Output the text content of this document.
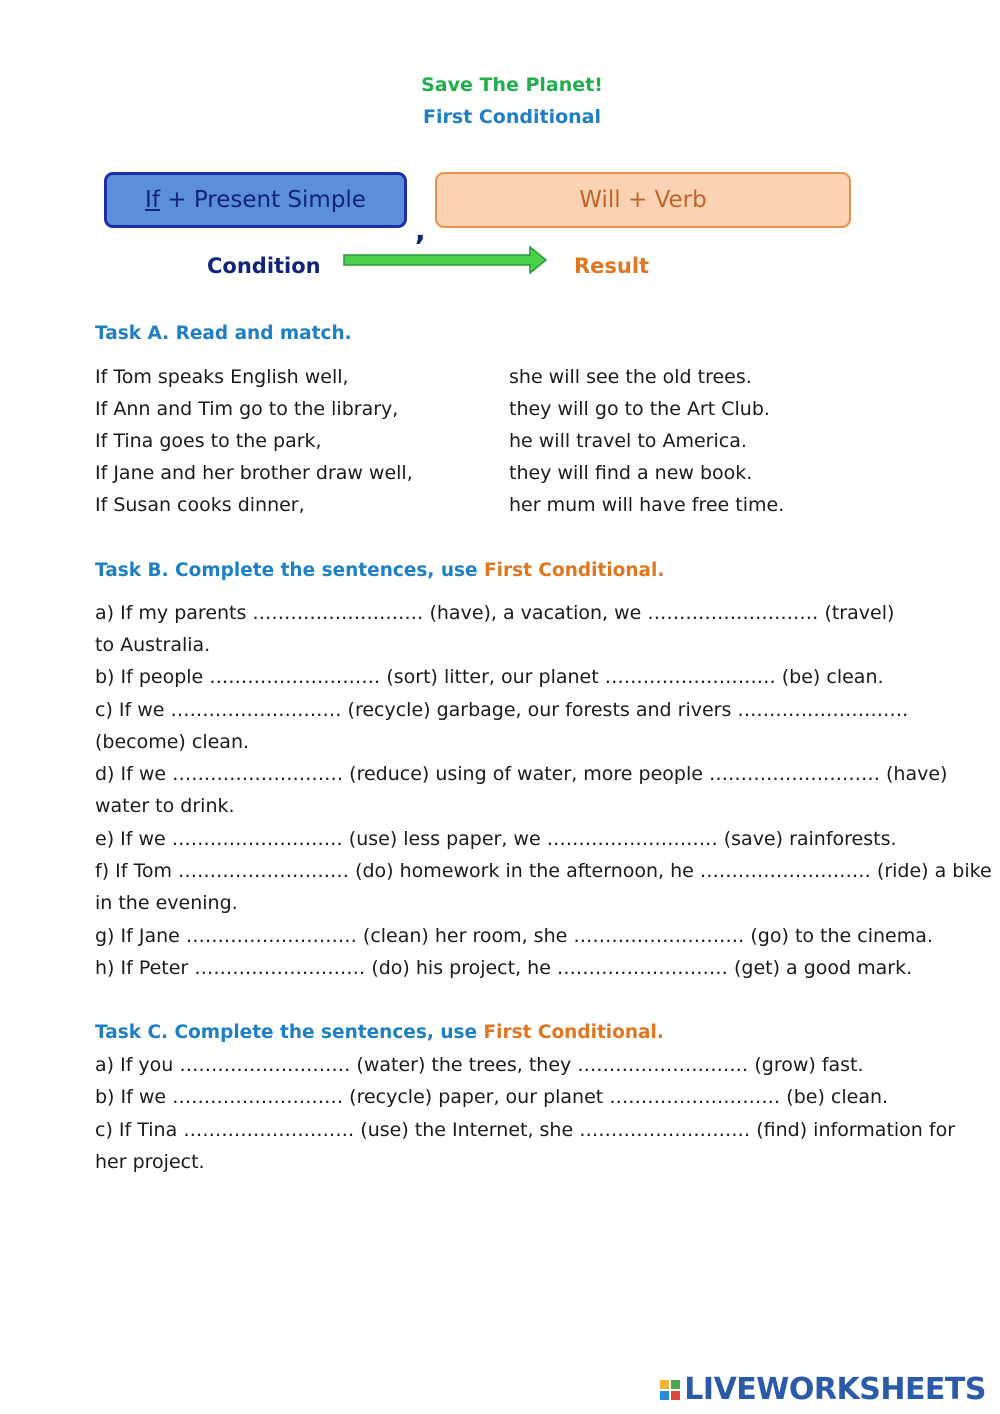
Save The Planet!
First Conditional
If + Present Simple
,
Will + Verb
Condition	Result
Task A. Read and match.
If Tom speaks English well,
If Ann and Tim go to the library,
If Tina goes to the park,
If Jane and her brother draw well,
If Susan cooks dinner,
she will see the old trees.
they will go to the Art Club.
he will travel to America.
they will find a new book.
her mum will have free time.
Task B. Complete the sentences, use First Conditional.
a) If my parents ……………………… (have), a vacation, we ……………………… (travel)
to Australia.
b) If people ……………………… (sort) litter, our planet ……………………… (be) clean.
c) If we ……………………… (recycle) garbage, our forests and rivers ………………………
(become) clean.
d) If we ……………………… (reduce) using of water, more people ……………………… (have)
water to drink.
e) If we ……………………… (use) less paper, we ……………………… (save) rainforests.
f) If Tom ……………………… (do) homework in the afternoon, he ……………………… (ride) a bike
in the evening.
g) If Jane ……………………… (clean) her room, she ……………………… (go) to the cinema.
h) If Peter ……………………… (do) his project, he ……………………… (get) a good mark.
Task C. Complete the sentences, use First Conditional.
a) If you ……………………… (water) the trees, they ……………………… (grow) fast.
b) If we ……………………… (recycle) paper, our planet ……………………… (be) clean.
c) If Tina ……………………… (use) the Internet, she ……………………… (find) information for
her project.
LIVEWORKSHEETS
